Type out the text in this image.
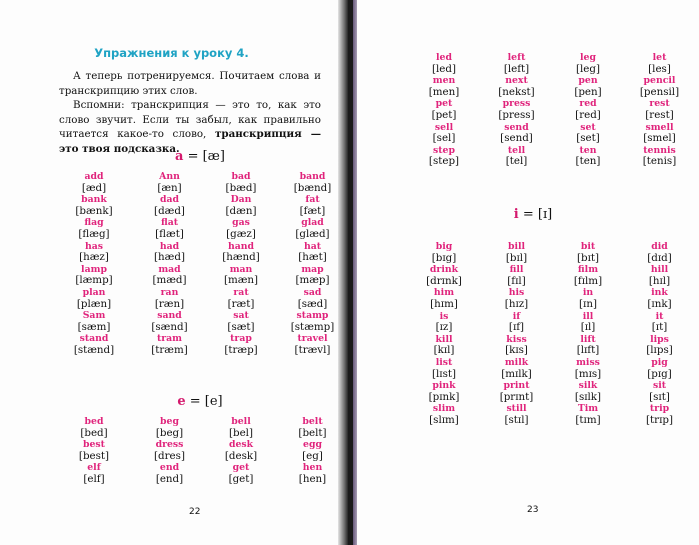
Упражнения к уроку 4.
А теперь потренируемся. Почитаем слова и транскрипцию этих слов.
Вспомни: транскрипция — это то, как это слово звучит. Если ты забыл, как правильно читается какое-то слово, транскрипция — это твоя подсказка.
a = [æ]
add
[æd]
Ann
[æn]
bad
[bæd]
band
[bænd]
bank
[bænk]
dad
[dæd]
Dan
[dæn]
fat
[fæt]
flag
[flæg]
flat
[flæt]
gas
[gæz]
glad
[glæd]
has
[hæz]
had
[hæd]
hand
[hænd]
hat
[hæt]
lamp
[læmp]
mad
[mæd]
man
[mæn]
map
[mæp]
plan
[plæn]
ran
[ræn]
rat
[ræt]
sad
[sæd]
Sam
[sæm]
sand
[sænd]
sat
[sæt]
stamp
[stæmp]
stand
[stænd]
tram
[træm]
trap
[træp]
travel
[trævl]
e = [e]
bed
[bed]
beg
[beg]
bell
[bel]
belt
[belt]
best
[best]
dress
[dres]
desk
[desk]
egg
[eg]
elf
[elf]
end
[end]
get
[get]
hen
[hen]
22
led
[led]
left
[left]
leg
[leg]
let
[les]
men
[men]
next
[nekst]
pen
[pen]
pencil
[pensil]
pet
[pet]
press
[press]
red
[red]
rest
[rest]
sell
[sel]
send
[send]
set
[set]
smell
[smel]
step
[step]
tell
[tel]
ten
[ten]
tennis
[tenis]
i = [ɪ]
big
[bɪg]
bill
[bɪl]
bit
[bɪt]
did
[dɪd]
drink
[drɪnk]
fill
[fɪl]
film
[fɪlm]
hill
[hɪl]
him
[hɪm]
his
[hɪz]
in
[ɪn]
ink
[ɪnk]
is
[ɪz]
if
[ɪf]
ill
[ɪl]
it
[ɪt]
kill
[kɪl]
kiss
[kɪs]
lift
[lɪft]
lips
[lɪps]
list
[lɪst]
milk
[mɪlk]
miss
[mɪs]
pig
[pɪg]
pink
[pɪnk]
print
[prɪnt]
silk
[sɪlk]
sit
[sɪt]
slim
[slɪm]
still
[stɪl]
Tim
[tɪm]
trip
[trɪp]
23
